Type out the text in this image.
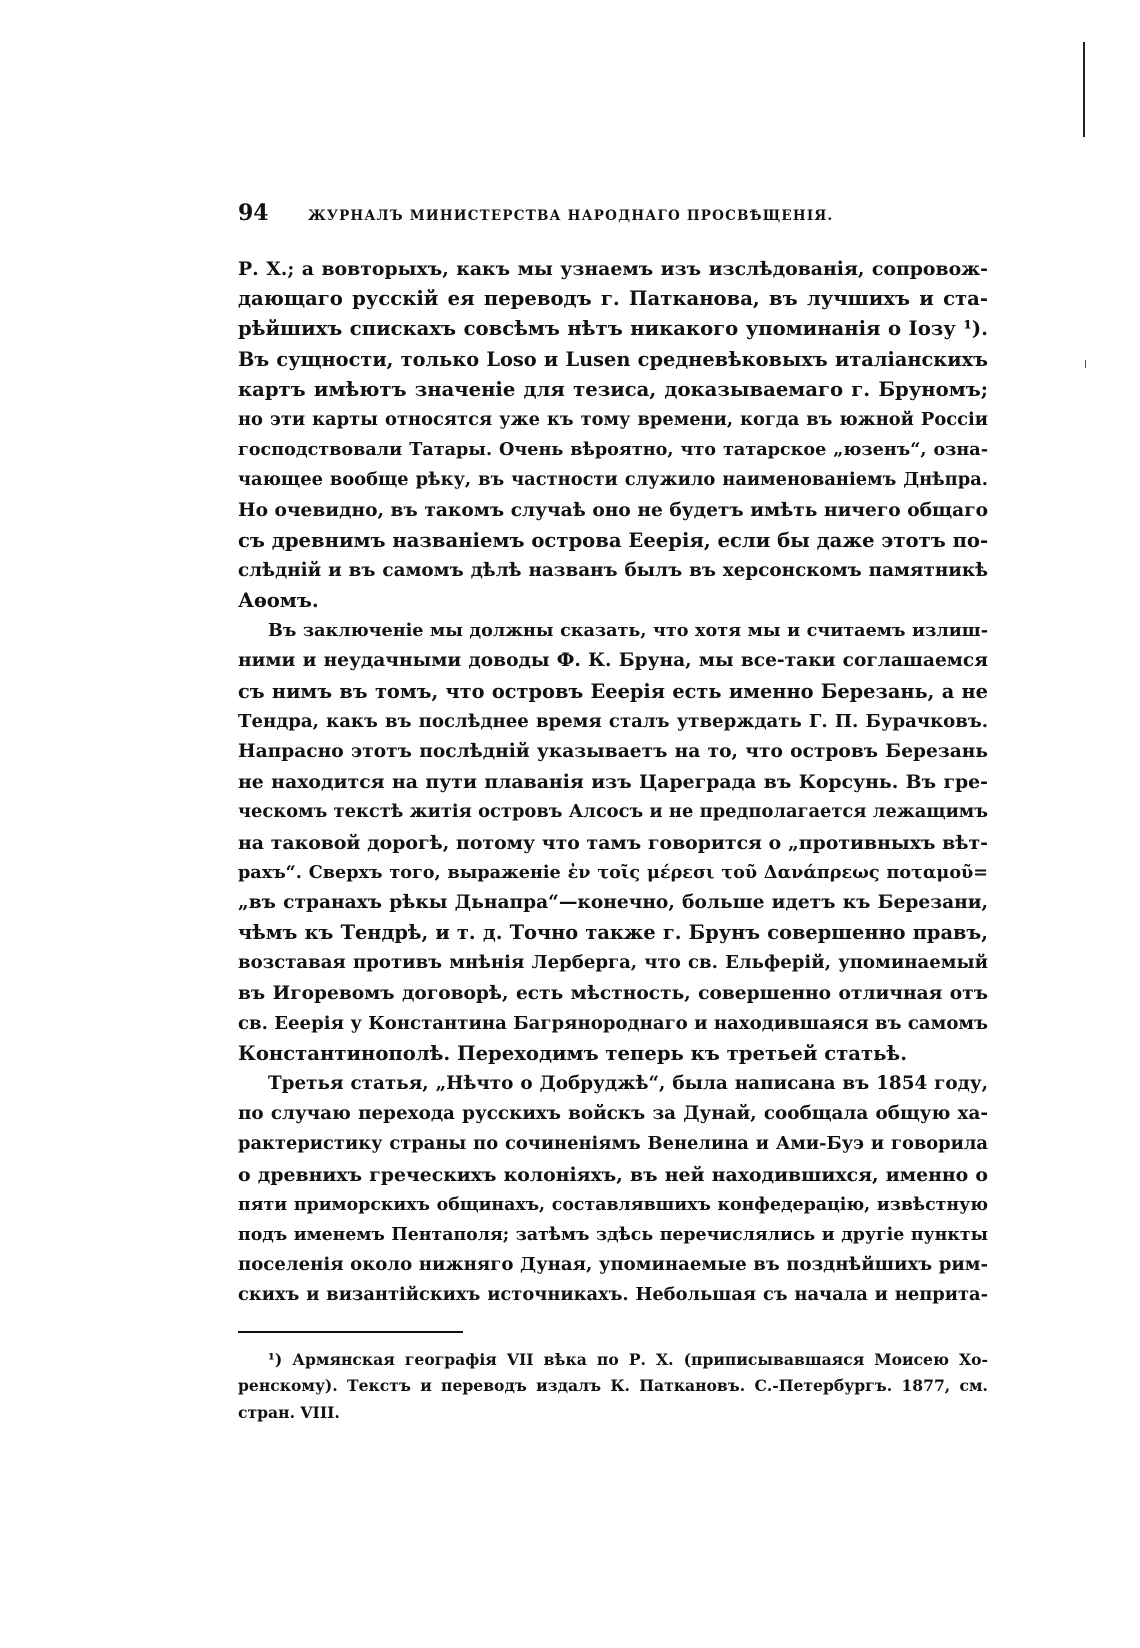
94	ЖУРНАЛЪ МИНИСТЕРСТВА НАРОДНАГО ПРОСВѢЩЕНІЯ.
Р. Х.; а вовторыхъ, какъ мы узнаемъ изъ изслѣдованія, сопровож-
дающаго русскій ея переводъ г. Патканова, въ лучшихъ и ста-
рѣйшихъ спискахъ совсѣмъ нѣтъ никакого упоминанія о Іозу ¹).
Въ сущности, только Loso и Lusen средневѣковыхъ италіанскихъ
картъ имѣютъ значеніе для тезиса, доказываемаго г. Бруномъ;
но эти карты относятся уже къ тому времени, когда въ южной Россіи
господствовали Татары. Очень вѣроятно, что татарское „юзенъ“, озна-
чающее вообще рѣку, въ частности служило наименованіемъ Днѣпра.
Но очевидно, въ такомъ случаѣ оно не будетъ имѣть ничего общаго
съ древнимъ названіемъ острова Ееерія, если бы даже этотъ по-
слѣдній и въ самомъ дѣлѣ названъ былъ въ херсонскомъ памятникѣ
Аѳомъ.
Въ заключеніе мы должны сказать, что хотя мы и считаемъ излиш-
ними и неудачными доводы Ф. К. Бруна, мы все-таки соглашаемся
съ нимъ въ томъ, что островъ Ееерія есть именно Березань, а не
Тендра, какъ въ послѣднее время сталъ утверждать Г. П. Бурачковъ.
Напрасно этотъ послѣдній указываетъ на то, что островъ Березань
не находится на пути плаванія изъ Цареграда въ Корсунь. Въ гре-
ческомъ текстѣ житія островъ Алсосъ и не предполагается лежащимъ
на таковой дорогѣ, потому что тамъ говорится о „противныхъ вѣт-
рахъ“. Сверхъ того, выраженіе ἐν τοῖς μέρεσι τοῦ Δανάπρεως ποταμοῦ=
„въ странахъ рѣкы Дьнапра“—конечно, больше идетъ къ Березани,
чѣмъ къ Тендрѣ, и т. д. Точно также г. Брунъ совершенно правъ,
возставая противъ мнѣнія Лерберга, что св. Ельферій, упоминаемый
въ Игоревомъ договорѣ, есть мѣстность, совершенно отличная отъ
св. Ееерія у Константина Багрянороднаго и находившаяся въ самомъ
Константинополѣ. Переходимъ теперь къ третьей статьѣ.
Третья статья, „Нѣчто о Добруджѣ“, была написана въ 1854 году,
по случаю перехода русскихъ войскъ за Дунай, сообщала общую ха-
рактеристику страны по сочиненіямъ Венелина и Ами-Буэ и говорила
о древнихъ греческихъ колоніяхъ, въ ней находившихся, именно о
пяти приморскихъ общинахъ, составлявшихъ конфедерацію, извѣстную
подъ именемъ Пентаполя; затѣмъ здѣсь перечислялись и другіе пункты
поселенія около нижняго Дуная, упоминаемые въ позднѣйшихъ рим-
скихъ и византійскихъ источникахъ. Небольшая съ начала и неприта-
¹) Армянская географія VII вѣка по Р. Х. (приписывавшаяся Моисею Хо-
ренскому). Текстъ и переводъ издалъ К. Паткановъ. С.-Петербургъ. 1877, см.
стран. VIII.
